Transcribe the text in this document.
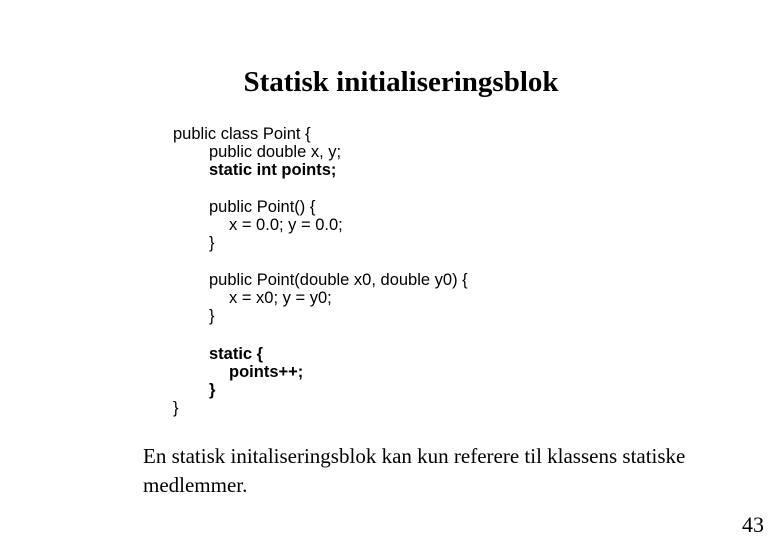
Statisk initialiseringsblok
public class Point {
public double x, y;
static int points;
public Point() {
x = 0.0; y = 0.0;
}
public Point(double x0, double y0) {
x = x0; y = y0;
}
static {
points++;
}
}

En statisk initaliseringsblok kan kun referere til klassens statiske medlemmer.

43
